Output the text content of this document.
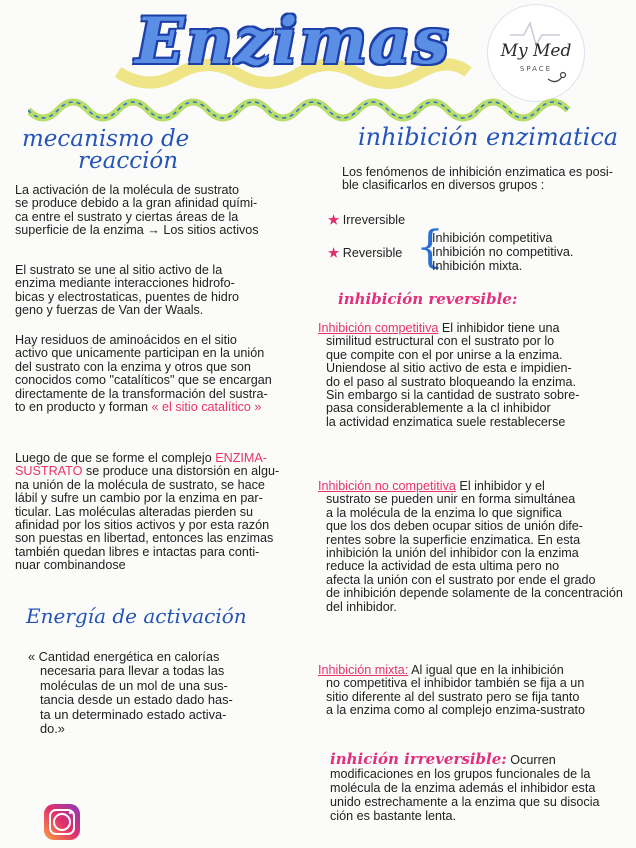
Enzimas	My Med
SPACE
mecanismo de
reacción
La activación de la molécula de sustrato
se produce debido a la gran afinidad quími-
ca entre el sustrato y ciertas áreas de la
superficie de la enzima → Los sitios activos
El sustrato se une al sitio activo de la
enzima mediante interacciones hidrofo-
bicas y electrostaticas, puentes de hidro
geno y fuerzas de Van der Waals.
Hay residuos de aminoácidos en el sitio
activo que unicamente participan en la unión
del sustrato con la enzima y otros que son
conocidos como "catalíticos" que se encargan
directamente de la transformación del sustra-
to en producto y forman « el sitio catalítico »
Luego de que se forme el complejo ENZIMA-
SUSTRATO se produce una distorsión en algu-
na unión de la molécula de sustrato, se hace
lábil y sufre un cambio por la enzima en par-
ticular. Las moléculas alteradas pierden su
afinidad por los sitios activos y por esta razón
son puestas en libertad, entonces las enzimas
también quedan libres e intactas para conti-
nuar combinandose
Energía de activación
« Cantidad energética en calorías
necesaria para llevar a todas las
moléculas de un mol de una sus-
tancia desde un estado dado has-
ta un determinado estado activa-
do.»
inhibición enzimatica
Los fenómenos de inhibición enzimatica es posi-
ble clasificarlos en diversos grupos :
★ Irreversible
★ Reversible {
Inhibición competitiva
Inhibición no competitiva.
Inhibición mixta.
inhibición reversible:
Inhibición competitiva El inhibidor tiene una
similitud estructural con el sustrato por lo
que compite con el por unirse a la enzima.
Uniendose al sitio activo de esta e impidien-
do el paso al sustrato bloqueando la enzima.
Sin embargo si la cantidad de sustrato sobre-
pasa considerablemente a la cl inhibidor
la actividad enzimatica suele restablecerse
Inhibición no competitiva El inhibidor y el
sustrato se pueden unir en forma simultánea
a la molécula de la enzima lo que significa
que los dos deben ocupar sitios de unión dife-
rentes sobre la superficie enzimatica. En esta
inhibición la unión del inhibidor con la enzima
reduce la actividad de esta ultima pero no
afecta la unión con el sustrato por ende el grado
de inhibición depende solamente de la concentración
del inhibidor.
Inhibición mixta: Al igual que en la inhibición
no competitiva el inhibidor también se fija a un
sitio diferente al del sustrato pero se fija tanto
a la enzima como al complejo enzima-sustrato
inhición irreversible: Ocurren
modificaciones en los grupos funcionales de la
molécula de la enzima además el inhibidor esta
unido estrechamente a la enzima que su disocia
ción es bastante lenta.
